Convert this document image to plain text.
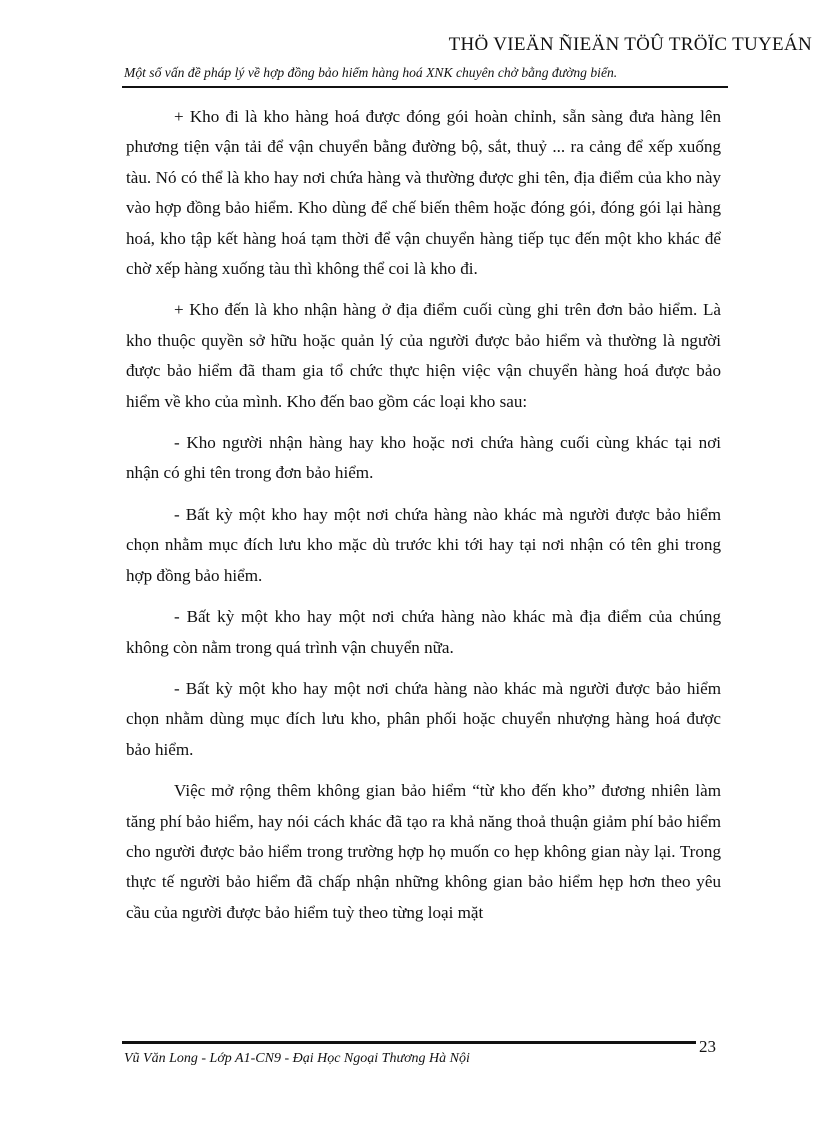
THÖ VIEÄN ÑIEÄN TÖÛ TRÖÏC TUYEÁN
Một số vấn đề pháp lý về hợp đồng bảo hiểm hàng hoá XNK chuyên chở bằng đường biển.

+ Kho đi là kho hàng hoá được đóng gói hoàn chỉnh, sẵn sàng đưa hàng lên phương tiện vận tải để vận chuyển bằng đường bộ, sắt, thuỷ ... ra cảng để xếp xuống tàu. Nó có thể là kho hay nơi chứa hàng và thường được ghi tên, địa điểm của kho này vào hợp đồng bảo hiểm. Kho dùng để chế biến thêm hoặc đóng gói, đóng gói lại hàng hoá, kho tập kết hàng hoá tạm thời để vận chuyển hàng tiếp tục đến một kho khác để chờ xếp hàng xuống tàu thì không thể coi là kho đi.

+ Kho đến là kho nhận hàng ở địa điểm cuối cùng ghi trên đơn bảo hiểm. Là kho thuộc quyền sở hữu hoặc quản lý của người được bảo hiểm và thường là người được bảo hiểm đã tham gia tổ chức thực hiện việc vận chuyển hàng hoá được bảo hiểm về kho của mình. Kho đến bao gồm các loại kho sau:

- Kho người nhận hàng hay kho hoặc nơi chứa hàng cuối cùng khác tại nơi nhận có ghi tên trong đơn bảo hiểm.

- Bất kỳ một kho hay một nơi chứa hàng nào khác mà người được bảo hiểm chọn nhằm mục đích lưu kho mặc dù trước khi tới hay tại nơi nhận có tên ghi trong hợp đồng bảo hiểm.

- Bất kỳ một kho hay một nơi chứa hàng nào khác mà địa điểm của chúng không còn nằm trong quá trình vận chuyển nữa.

- Bất kỳ một kho hay một nơi chứa hàng nào khác mà người được bảo hiểm chọn nhằm dùng mục đích lưu kho, phân phối hoặc chuyển nhượng hàng hoá được bảo hiểm.

Việc mở rộng thêm không gian bảo hiểm “từ kho đến kho” đương nhiên làm tăng phí bảo hiểm, hay nói cách khác đã tạo ra khả năng thoả thuận giảm phí bảo hiểm cho người được bảo hiểm trong trường hợp họ muốn co hẹp không gian này lại. Trong thực tế người bảo hiểm đã chấp nhận những không gian bảo hiểm hẹp hơn theo yêu cầu của người được bảo hiểm tuỳ theo từng loại mặt

23
Vũ Văn Long - Lớp A1-CN9 - Đại Học Ngoại Thương Hà Nội
